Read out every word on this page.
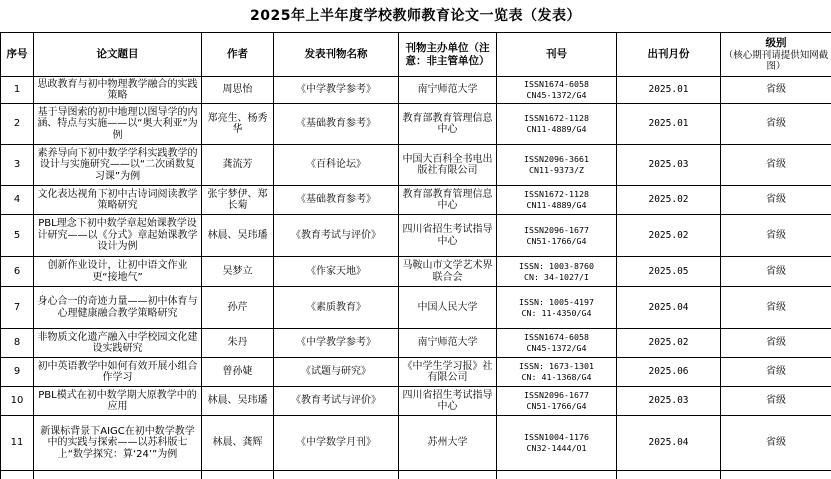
2025年上半年度学校教师教育论文一览表（发表）
序号	论文题目	作者	发表刊物名称	刊物主办单位（注意：非主管单位）	刊号	出刊月份	级别
（核心期刊请提供知网截图）

1	思政教育与初中物理教学融合的实践策略	周思怡	《中学教学参考》	南宁师范大学	ISSN1674-6058
CN45-1372/G4	2025.01	省级
2	基于导图索的初中地理以图导学的内涵、特点与实施——以“奥大利亚”为例	郑亮生、杨秀华	《基础教育参考》	教育部教育管理信息中心	ISSN1672-1128
CN11-4889/G4	2025.01	省级
3	素养导向下初中数学学科实践教学的设计与实施研究——以“二次函数复习课”为例	龚流芳	《百科论坛》	中国大百科全书电出版社有限公司	ISSN2096-3661
CN11-9373/Z	2025.03	省级
4	文化表达视角下初中古诗词阅读教学策略研究	张宇梦伊、郑长菊	《基础教育参考》	教育部教育管理信息中心	ISSN1672-1128
CN11-4889/G4	2025.02	省级
5	PBL理念下初中数学章起始课教学设计研究——以《分式》章起始课教学设计为例	林晨、吴玮璠	《教育考试与评价》	四川省招生考试指导中心	ISSN2096-1677
CN51-1766/G4	2025.02	省级
6	创新作业设计，让初中语文作业更“接地气”	吴梦立	《作家天地》	马鞍山市文学艺术界联合会	ISSN: 1003-8760
CN: 34-1027/I	2025.05	省级
7	身心合一的奇迹力量——初中体育与心理健康融合教学策略研究	孙芹	《素质教育》	中国人民大学	ISSN: 1005-4197
CN: 11-4350/G4	2025.04	省级
8	非物质文化遗产融入中学校园文化建设实践研究	朱丹	《中学教学参考》	南宁师范大学	ISSN1674-6058
CN45-1372/G4	2025.02	省级
9	初中英语教学中如何有效开展小组合作学习	曾孙婕	《试题与研究》	《中学生学习报》社有限公司	ISSN: 1673-1301
CN: 41-1368/G4	2025.06	省级
10	PBL模式在初中数学期大原教学中的应用	林晨、吴玮璠	《教育考试与评价》	四川省招生考试指导中心	ISSN2096-1677
CN51-1766/G4	2025.03	省级
11	新课标背景下AIGC在初中数学教学中的实践与探索——以苏科版七上“数学探究：算‘24’”为例	林晨、龚辉	《中学数学月刊》	苏州大学	ISSN1004-1176
CN32-1444/O1	2025.04	省级
